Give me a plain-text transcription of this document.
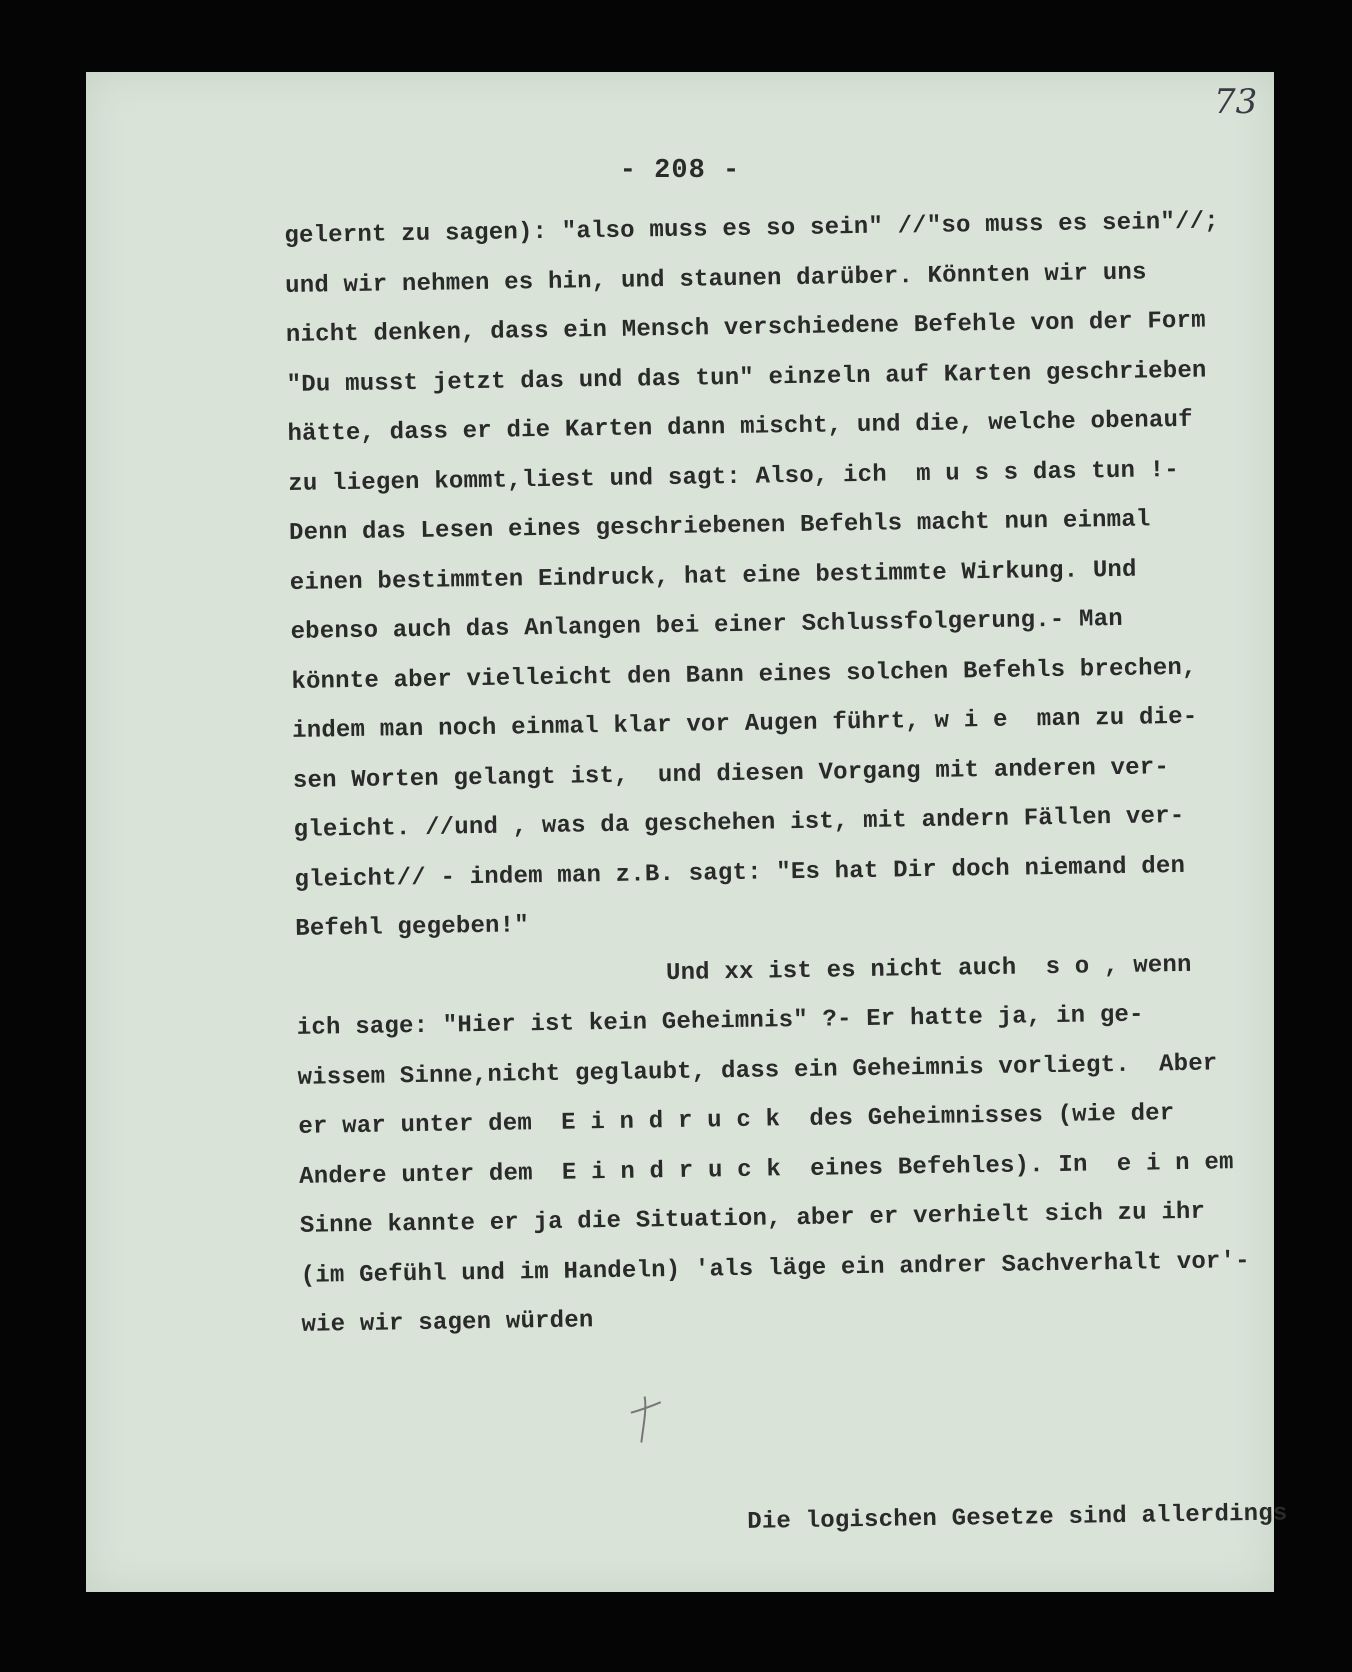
73
- 208 -
gelernt zu sagen): "also muss es so sein" //"so muss es sein"//;
und wir nehmen es hin, und staunen darüber. Könnten wir uns
nicht denken, dass ein Mensch verschiedene Befehle von der Form
"Du musst jetzt das und das tun" einzeln auf Karten geschrieben
hätte, dass er die Karten dann mischt, und die, welche obenauf
zu liegen kommt,liest und sagt: Also, ich  m u s s das tun !-
Denn das Lesen eines geschriebenen Befehls macht nun einmal
einen bestimmten Eindruck, hat eine bestimmte Wirkung. Und
ebenso auch das Anlangen bei einer Schlussfolgerung.- Man
könnte aber vielleicht den Bann eines solchen Befehls brechen,
indem man noch einmal klar vor Augen führt, w i e  man zu die-
sen Worten gelangt ist,  und diesen Vorgang mit anderen ver-
gleicht. //und , was da geschehen ist, mit andern Fällen ver-
gleicht// - indem man z.B. sagt: "Es hat Dir doch niemand den
Befehl gegeben!"
Und xx ist es nicht auch  s o , wenn
ich sage: "Hier ist kein Geheimnis" ?- Er hatte ja, in ge-
wissem Sinne,nicht geglaubt, dass ein Geheimnis vorliegt.  Aber
er war unter dem  E i n d r u c k  des Geheimnisses (wie der
Andere unter dem  E i n d r u c k  eines Befehles). In  e i n em
Sinne kannte er ja die Situation, aber er verhielt sich zu ihr
(im Gefühl und im Handeln) 'als läge ein andrer Sachverhalt vor'-
wie wir sagen würden

Die logischen Gesetze sind allerdings
